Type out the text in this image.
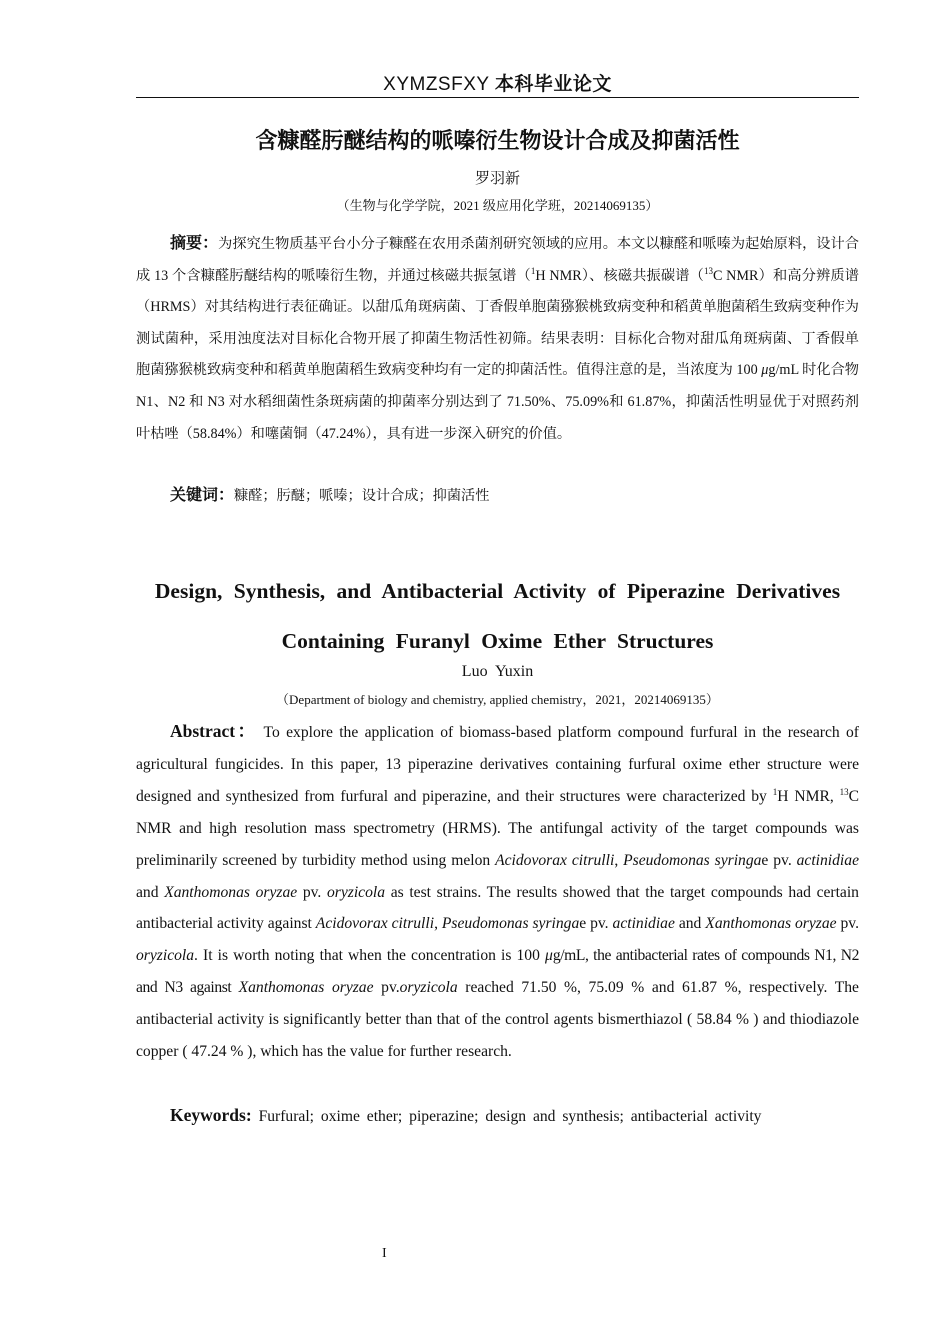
XYMZSFXY 本科毕业论文
含糠醛肟醚结构的哌嗪衍生物设计合成及抑菌活性
罗羽新
（生物与化学学院，2021 级应用化学班，20214069135）
摘要：为探究生物质基平台小分子糠醛在农用杀菌剂研究领域的应用。本文以糠醛和哌嗪为起始原料，设计合成 13 个含糠醛肟醚结构的哌嗪衍生物，并通过核磁共振氢谱（$^1$H NMR）、核磁共振碳谱（$^{13}$C NMR）和高分辨质谱（HRMS）对其结构进行表征确证。以甜瓜角斑病菌、丁香假单胞菌猕猴桃致病变种和稻黄单胞菌稻生致病变种作为测试菌种，采用浊度法对目标化合物开展了抑菌生物活性初筛。结果表明：目标化合物对甜瓜角斑病菌、丁香假单胞菌猕猴桃致病变种和稻黄单胞菌稻生致病变种均有一定的抑菌活性。值得注意的是，当浓度为 100 μg/mL 时化合物 N1、N2 和 N3 对水稻细菌性条斑病菌的抑菌率分别达到了 71.50%、75.09%和 61.87%，抑菌活性明显优于对照药剂叶枯唑（58.84%）和噻菌铜（47.24%），具有进一步深入研究的价值。
关键词：糠醛；肟醚；哌嗪；设计合成；抑菌活性
Design, Synthesis, and Antibacterial Activity of Piperazine Derivatives
Containing Furanyl Oxime Ether Structures
Luo Yuxin
（Department of biology and chemistry, applied chemistry，2021，20214069135）
Abstract： To explore the application of biomass-based platform compound furfural in the research of agricultural fungicides. In this paper, 13 piperazine derivatives containing furfural oxime ether structure were designed and synthesized from furfural and piperazine, and their structures were characterized by $^1$H NMR, $^{13}$C NMR and high resolution mass spectrometry (HRMS). The antifungal activity of the target compounds was preliminarily screened by turbidity method using melon Acidovorax citrulli, Pseudomonas syringae pv. actinidiae and Xanthomonas oryzae pv. oryzicola as test strains. The results showed that the target compounds had certain antibacterial activity against Acidovorax citrulli, Pseudomonas syringae pv. actinidiae and Xanthomonas oryzae pv. oryzicola. It is worth noting that when the concentration is 100 μg/mL, the antibacterial rates of compounds N1, N2 and N3 against Xanthomonas oryzae pv.oryzicola reached 71.50 %, 75.09 % and 61.87 %, respectively. The antibacterial activity is significantly better than that of the control agents bismerthiazol ( 58.84 % ) and thiodiazole copper ( 47.24 % ), which has the value for further research.
Keywords: Furfural; oxime ether; piperazine; design and synthesis; antibacterial activity
I
